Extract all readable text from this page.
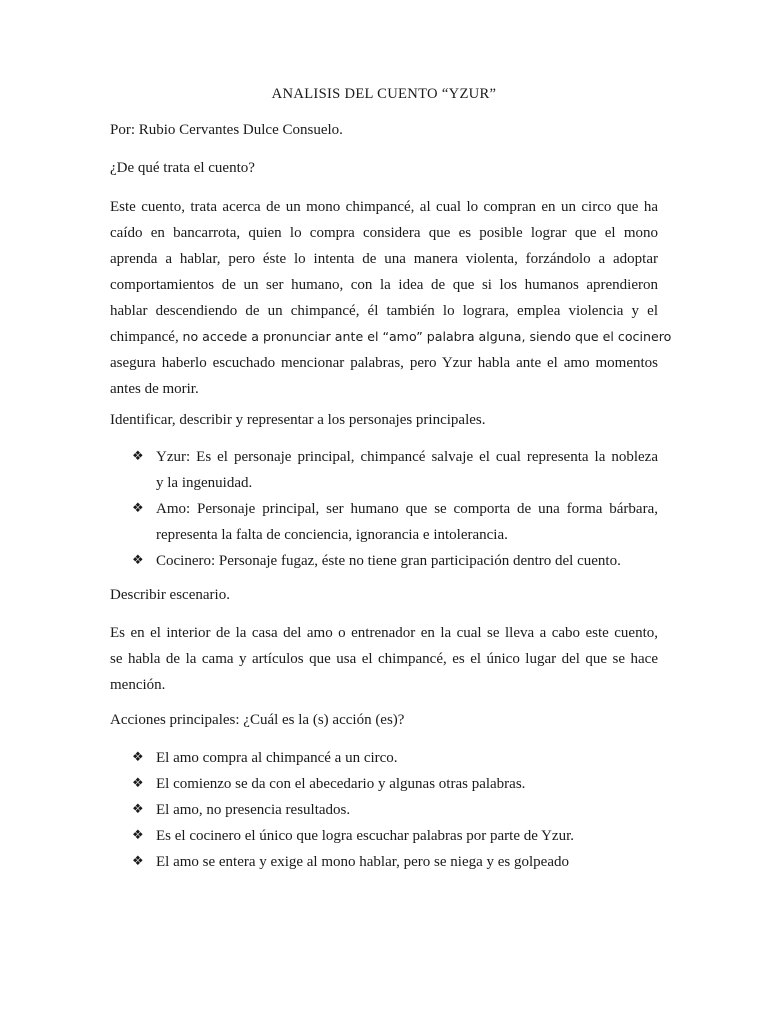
ANALISIS DEL CUENTO “YZUR”

Por: Rubio Cervantes Dulce Consuelo.

¿De qué trata el cuento?

Este cuento, trata acerca de un mono chimpancé, al cual lo compran en un circo que ha
caído en bancarrota, quien lo compra considera que es posible lograr que el mono
aprenda a hablar, pero éste lo intenta de una manera violenta, forzándolo a adoptar
comportamientos de un ser humano, con la idea de que si los humanos aprendieron
hablar descendiendo de un chimpancé, él también lo lograra, emplea violencia y el
chimpancé, no accede a pronunciar ante el “amo” palabra alguna, siendo que el cocinero
asegura haberlo escuchado mencionar palabras, pero Yzur habla ante el amo momentos
antes de morir.

Identificar, describir y representar a los personajes principales.

❖ Yzur: Es el personaje principal, chimpancé salvaje el cual representa la nobleza
y la ingenuidad.
❖ Amo: Personaje principal, ser humano que se comporta de una forma bárbara,
representa la falta de conciencia, ignorancia e intolerancia.
❖ Cocinero: Personaje fugaz, éste no tiene gran participación dentro del cuento.

Describir escenario.

Es en el interior de la casa del amo o entrenador en la cual se lleva a cabo este cuento,
se habla de la cama y artículos que usa el chimpancé, es el único lugar del que se hace
mención.

Acciones principales: ¿Cuál es la (s) acción (es)?

❖ El amo compra al chimpancé a un circo.
❖ El comienzo se da con el abecedario y algunas otras palabras.
❖ El amo, no presencia resultados.
❖ Es el cocinero el único que logra escuchar palabras por parte de Yzur.
❖ El amo se entera y exige al mono hablar, pero se niega y es golpeado
